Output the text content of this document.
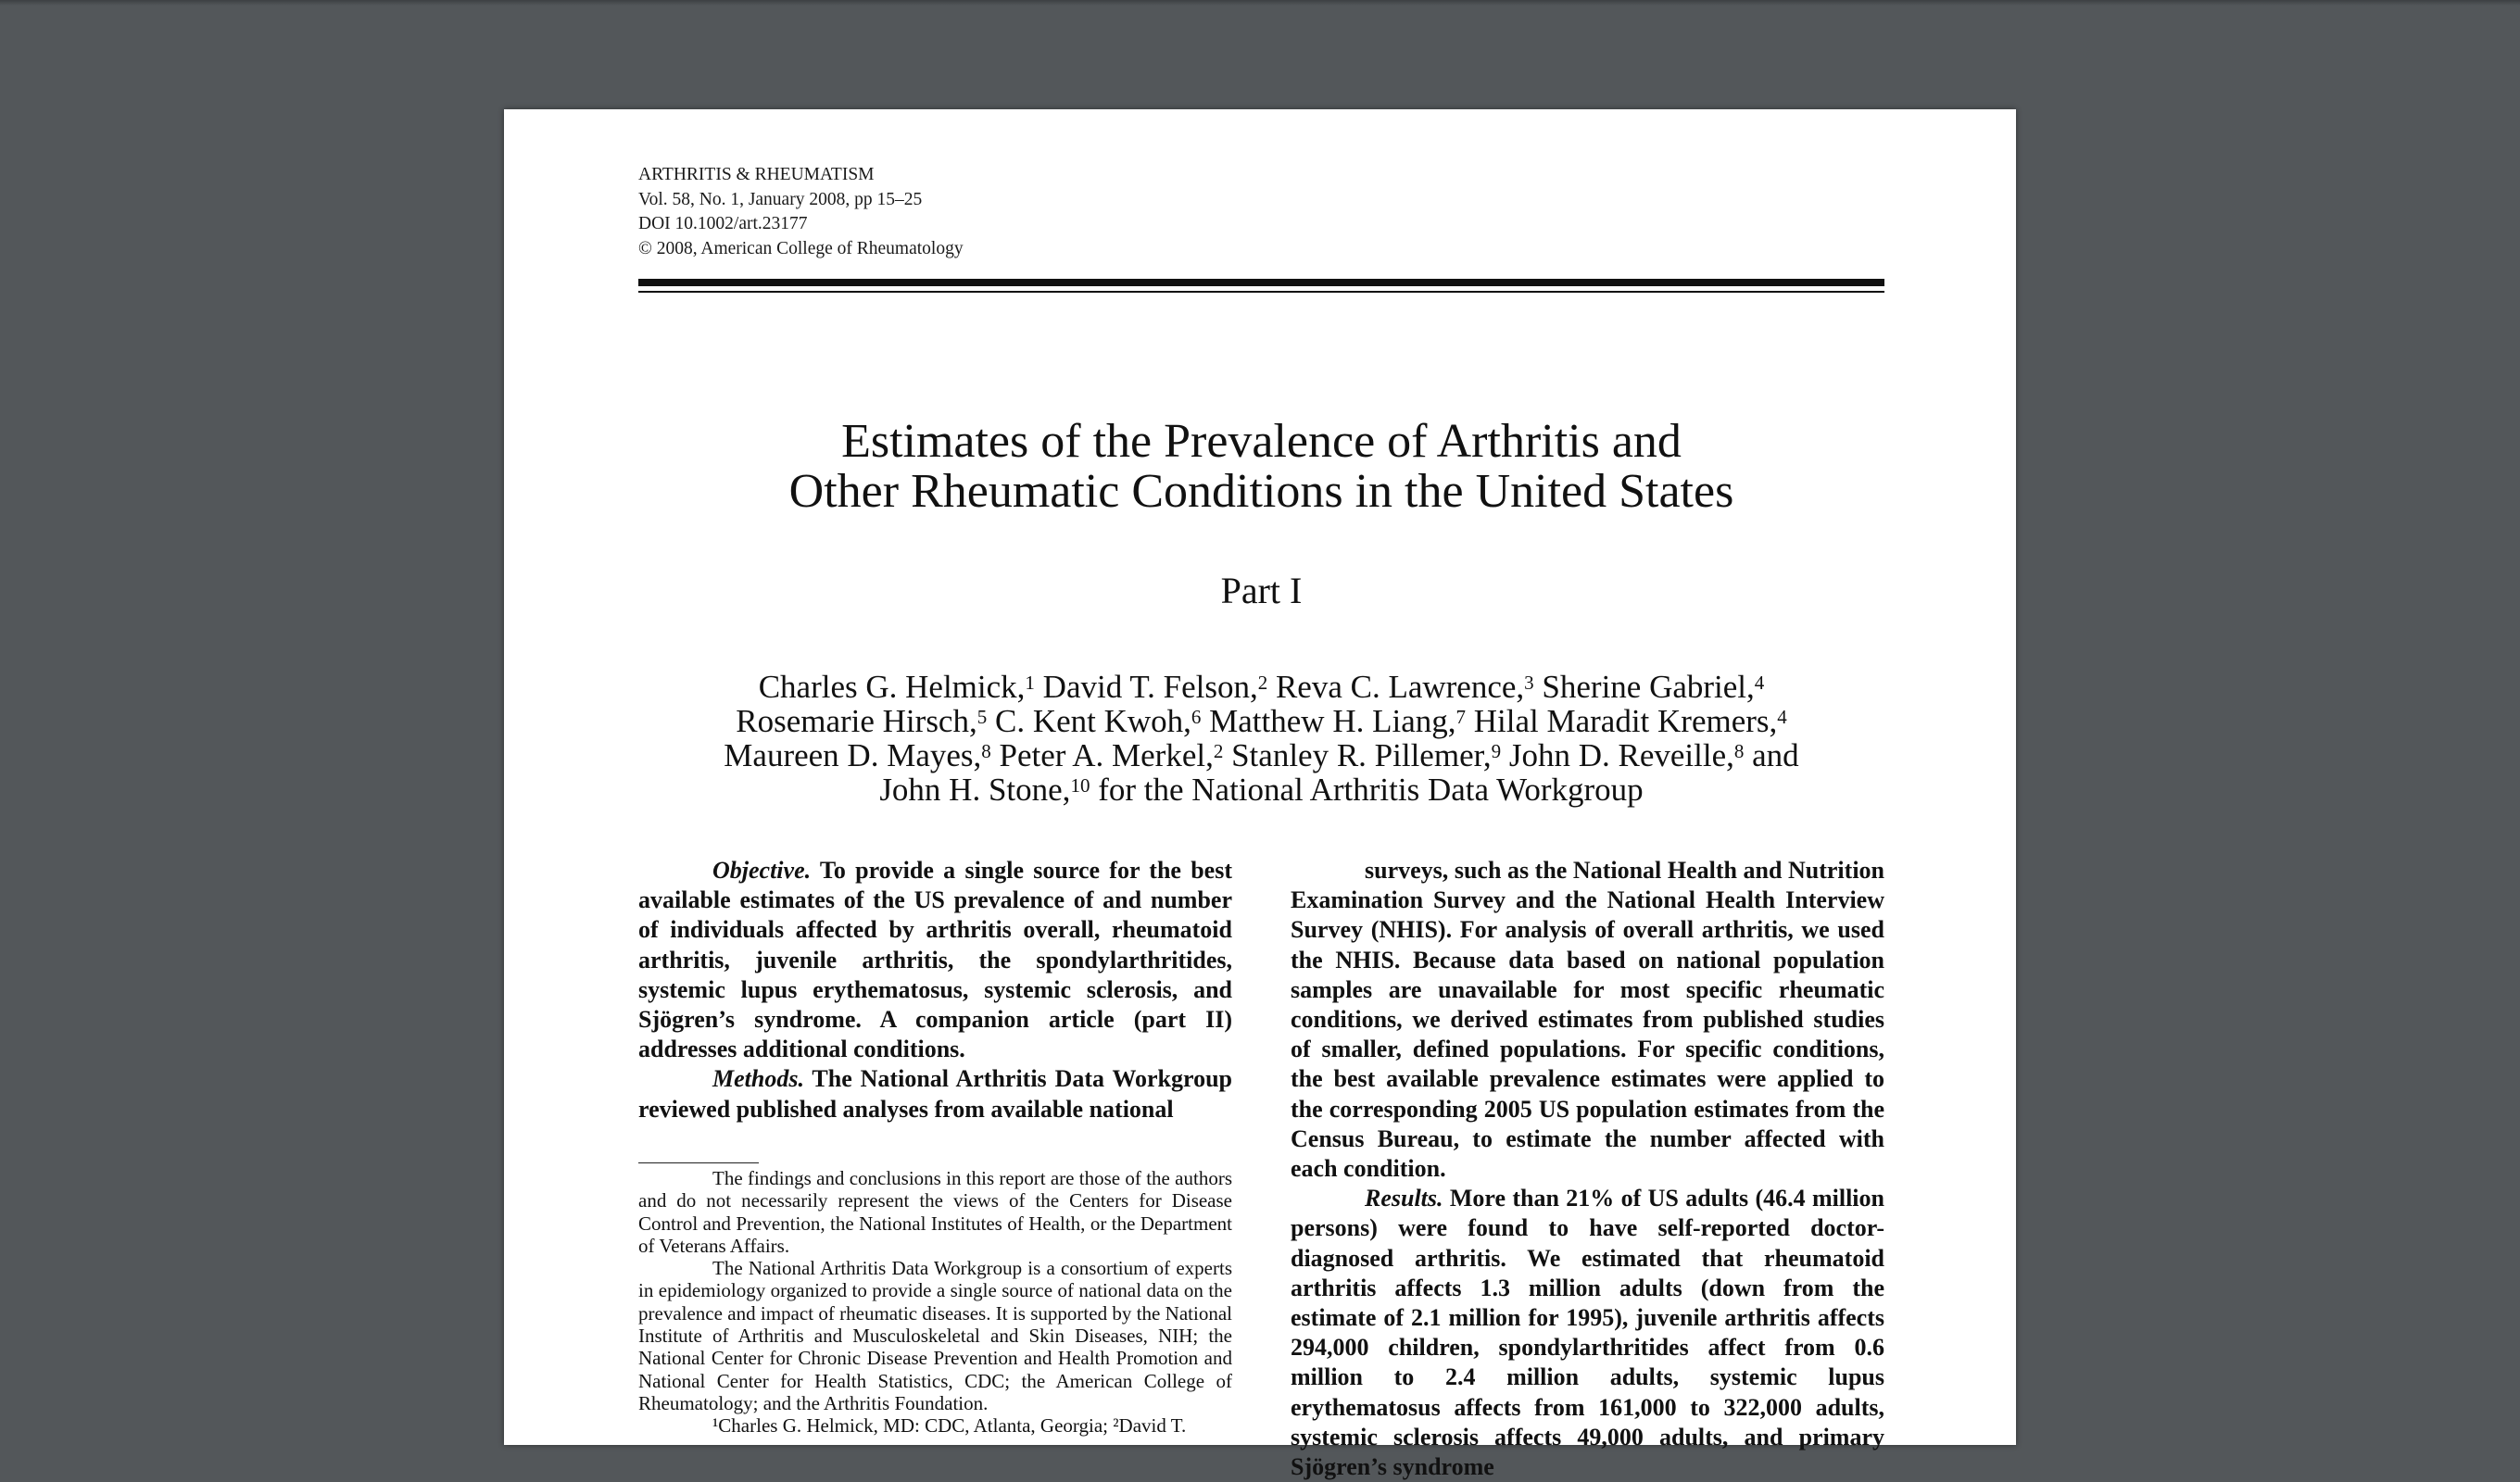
ARTHRITIS & RHEUMATISM
Vol. 58, No. 1, January 2008, pp 15–25
DOI 10.1002/art.23177
© 2008, American College of Rheumatology
Estimates of the Prevalence of Arthritis and
Other Rheumatic Conditions in the United States
Part I
Charles G. Helmick,$^1$ David T. Felson,$^2$ Reva C. Lawrence,$^3$ Sherine Gabriel,$^4$
Rosemarie Hirsch,$^5$ C. Kent Kwoh,$^6$ Matthew H. Liang,$^7$ Hilal Maradit Kremers,$^4$
Maureen D. Mayes,$^8$ Peter A. Merkel,$^2$ Stanley R. Pillemer,$^9$ John D. Reveille,$^8$ and
John H. Stone,$^{10}$ for the National Arthritis Data Workgroup

Objective. To provide a single source for the best available estimates of the US prevalence of and number of individuals affected by arthritis overall, rheumatoid arthritis, juvenile arthritis, the spondylarthritides, systemic lupus erythematosus, systemic sclerosis, and Sjögren’s syndrome. A companion article (part II) addresses additional conditions.

Methods. The National Arthritis Data Workgroup reviewed published analyses from available national

The findings and conclusions in this report are those of the authors and do not necessarily represent the views of the Centers for Disease Control and Prevention, the National Institutes of Health, or the Department of Veterans Affairs.

The National Arthritis Data Workgroup is a consortium of experts in epidemiology organized to provide a single source of national data on the prevalence and impact of rheumatic diseases. It is supported by the National Institute of Arthritis and Musculoskeletal and Skin Diseases, NIH; the National Center for Chronic Disease Prevention and Health Promotion and National Center for Health Statistics, CDC; the American College of Rheumatology; and the Arthritis Foundation.

¹Charles G. Helmick, MD: CDC, Atlanta, Georgia; ²David T.

surveys, such as the National Health and Nutrition Examination Survey and the National Health Interview Survey (NHIS). For analysis of overall arthritis, we used the NHIS. Because data based on national population samples are unavailable for most specific rheumatic conditions, we derived estimates from published studies of smaller, defined populations. For specific conditions, the best available prevalence estimates were applied to the corresponding 2005 US population estimates from the Census Bureau, to estimate the number affected with each condition.

Results. More than 21% of US adults (46.4 million persons) were found to have self-reported doctor-diagnosed arthritis. We estimated that rheumatoid arthritis affects 1.3 million adults (down from the estimate of 2.1 million for 1995), juvenile arthritis affects 294,000 children, spondylarthritides affect from 0.6 million to 2.4 million adults, systemic lupus erythematosus affects from 161,000 to 322,000 adults, systemic sclerosis affects 49,000 adults, and primary Sjögren’s syndrome
